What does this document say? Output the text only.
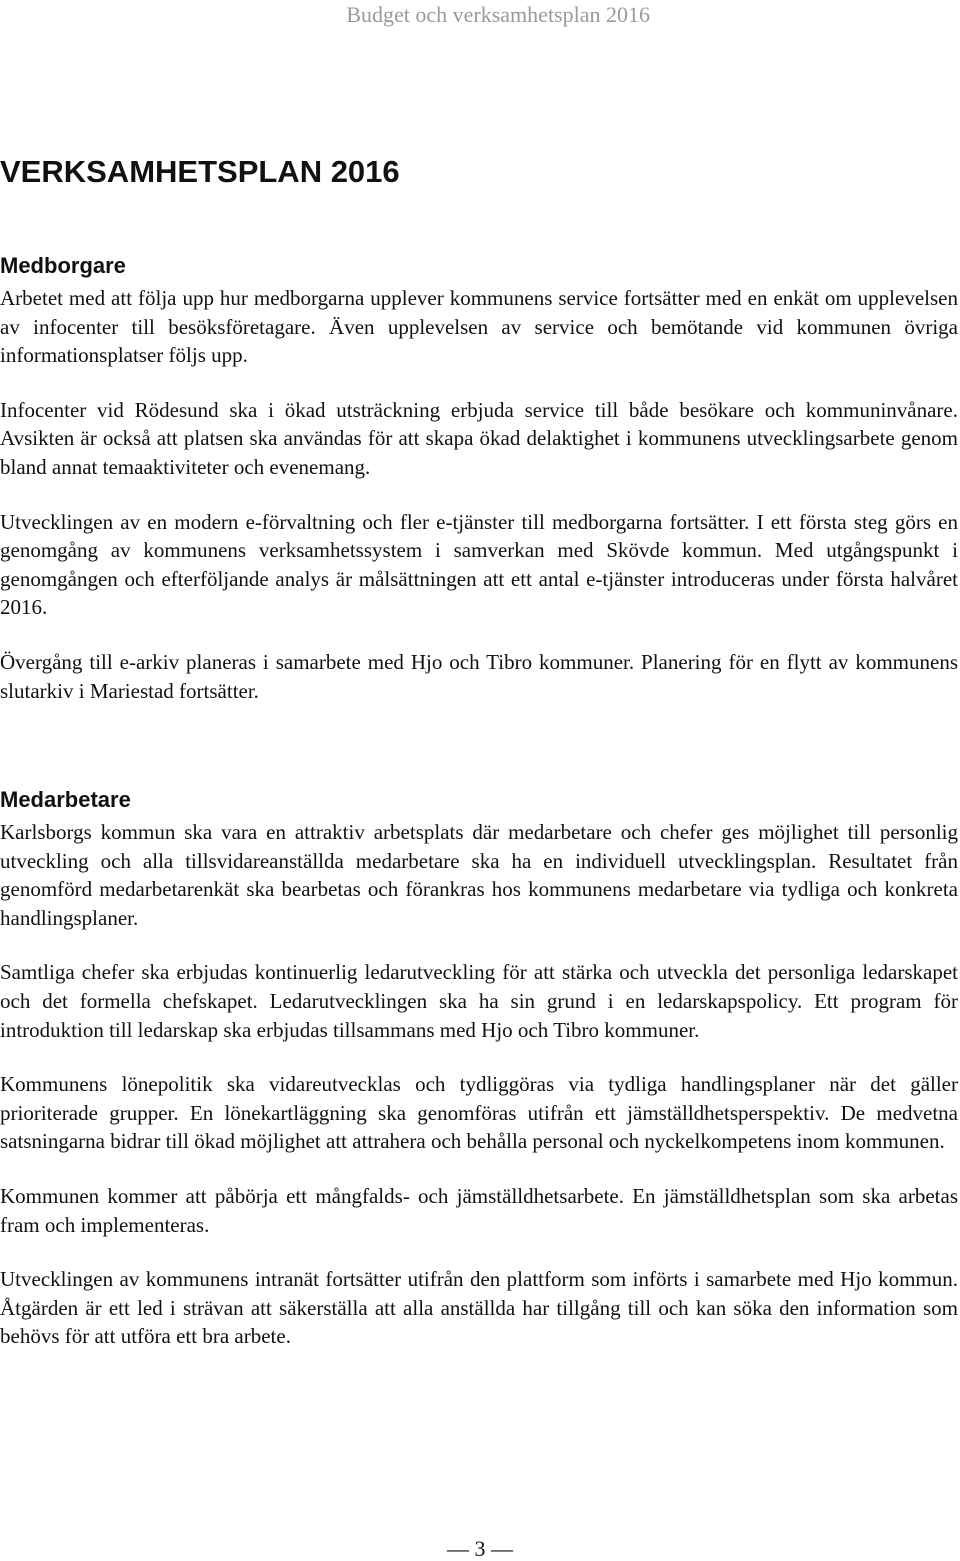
Budget och verksamhetsplan 2016
VERKSAMHETSPLAN 2016
Medborgare

Arbetet med att följa upp hur medborgarna upplever kommunens service fortsätter med en enkät om upplevelsen av infocenter till besöksföretagare. Även upplevelsen av service och bemötande vid kommunen övriga informationsplatser följs upp.

Infocenter vid Rödesund ska i ökad utsträckning erbjuda service till både besökare och kommuninvånare. Avsikten är också att platsen ska användas för att skapa ökad delaktighet i kommunens utvecklingsarbete genom bland annat temaaktiviteter och evenemang.

Utvecklingen av en modern e-förvaltning och fler e-tjänster till medborgarna fortsätter. I ett första steg görs en genomgång av kommunens verksamhetssystem i samverkan med Skövde kommun. Med utgångspunkt i genomgången och efterföljande analys är målsättningen att ett antal e-tjänster introduceras under första halvåret 2016.

Övergång till e-arkiv planeras i samarbete med Hjo och Tibro kommuner. Planering för en flytt av kommunens slutarkiv i Mariestad fortsätter.

Medarbetare

Karlsborgs kommun ska vara en attraktiv arbetsplats där medarbetare och chefer ges möjlighet till personlig utveckling och alla tillsvidareanställda medarbetare ska ha en individuell utvecklingsplan. Resultatet från genomförd medarbetarenkät ska bearbetas och förankras hos kommunens medarbetare via tydliga och konkreta handlingsplaner.

Samtliga chefer ska erbjudas kontinuerlig ledarutveckling för att stärka och utveckla det personliga ledarskapet och det formella chefskapet. Ledarutvecklingen ska ha sin grund i en ledarskapspolicy. Ett program för introduktion till ledarskap ska erbjudas tillsammans med Hjo och Tibro kommuner.

Kommunens lönepolitik ska vidareutvecklas och tydliggöras via tydliga handlingsplaner när det gäller prioriterade grupper. En lönekartläggning ska genomföras utifrån ett jämställdhetsperspektiv. De medvetna satsningarna bidrar till ökad möjlighet att attrahera och behålla personal och nyckelkompetens inom kommunen.

Kommunen kommer att påbörja ett mångfalds- och jämställdhetsarbete. En jämställdhetsplan som ska arbetas fram och implementeras.

Utvecklingen av kommunens intranät fortsätter utifrån den plattform som införts i samarbete med Hjo kommun. Åtgärden är ett led i strävan att säkerställa att alla anställda har tillgång till och kan söka den information som behövs för att utföra ett bra arbete.

— 3 —
